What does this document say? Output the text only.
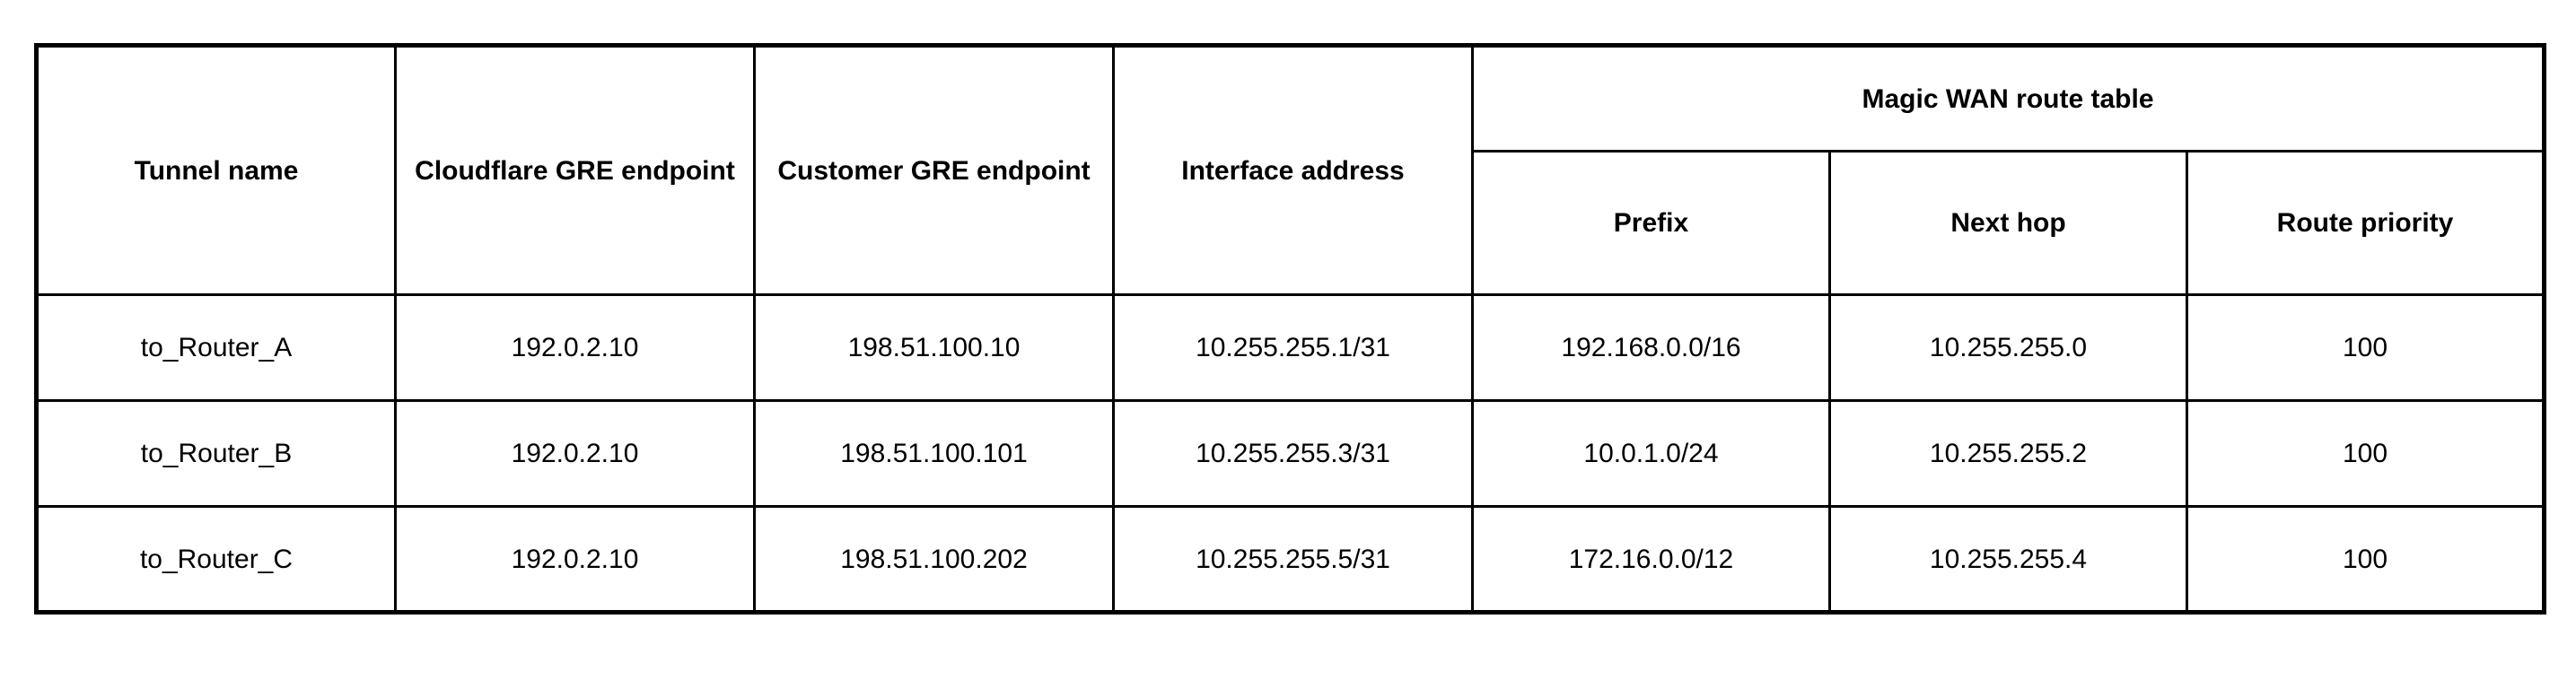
Tunnel name	Cloudflare GRE endpoint	Customer GRE endpoint	Interface address	Magic WAN route table		
				Prefix	Next hop	Route priority
to_Router_A	192.0.2.10	198.51.100.10	10.255.255.1/31	192.168.0.0/16	10.255.255.0	100
to_Router_B	192.0.2.10	198.51.100.101	10.255.255.3/31	10.0.1.0/24	10.255.255.2	100
to_Router_C	192.0.2.10	198.51.100.202	10.255.255.5/31	172.16.0.0/12	10.255.255.4	100
